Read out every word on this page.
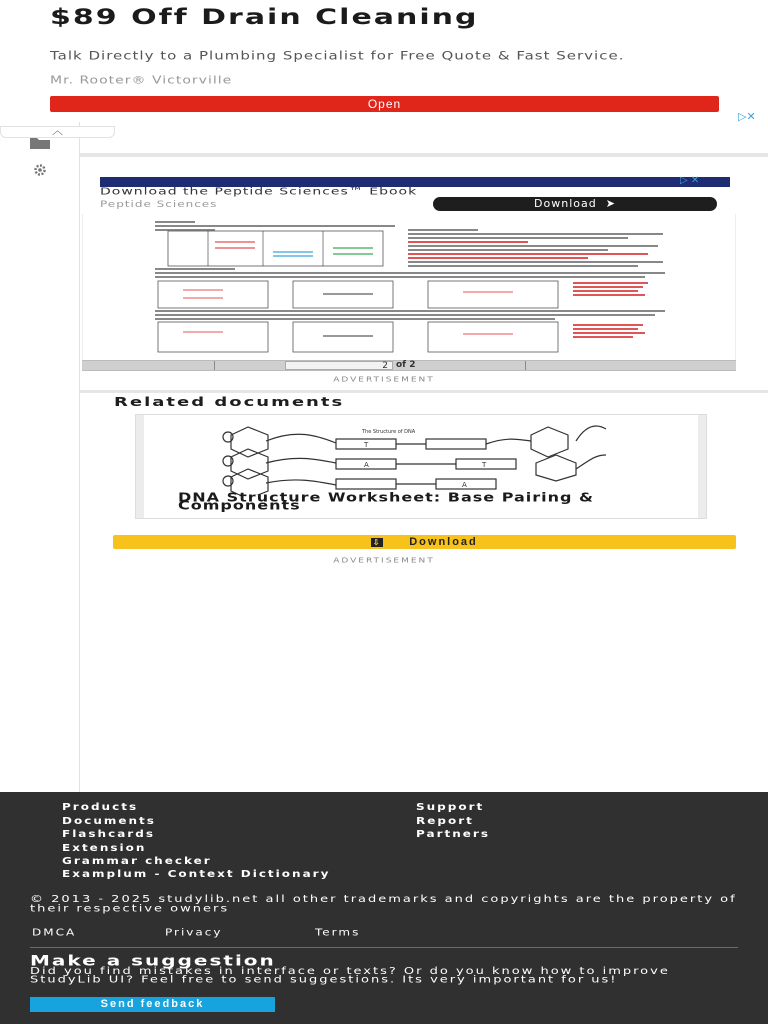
$89 Off Drain Cleaning
Talk Directly to a Plumbing Specialist for Free Quote & Fast Service.
Mr. Rooter® Victorville
Open
▷✕
︿
Download the Peptide Sciences™ Ebook
Peptide Sciences	Download  ➤
▷ ✕
2 of 2
ADVERTISEMENT
Related documents
T
A	T
A
The Structure of DNA
DNA Structure Worksheet: Base Pairing & Components
⇩	Download
ADVERTISEMENT
Products
Documents
Flashcards
Extension
Grammar checker
Examplum - Context Dictionary
Support
Report
Partners
© 2013 - 2025 studylib.net all other trademarks and copyrights are the property of their respective owners
DMCA	Privacy	Terms
Make a suggestion
Did you find mistakes in interface or texts? Or do you know how to improve StudyLib UI? Feel free to send suggestions. Its very important for us!
Send feedback
